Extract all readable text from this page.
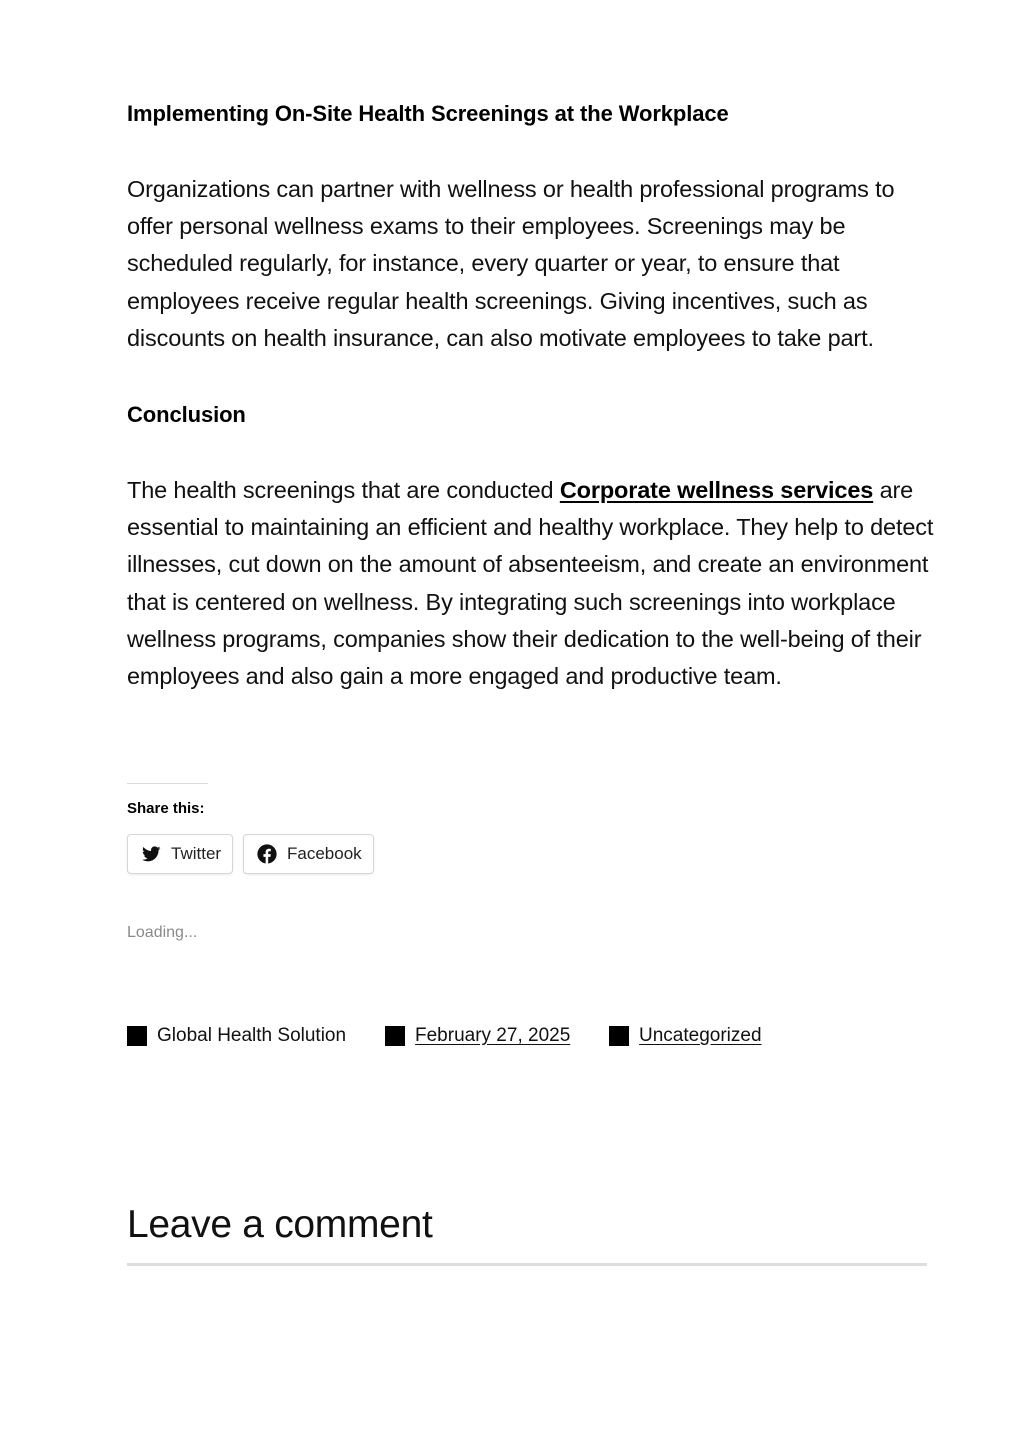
Implementing On-Site Health Screenings at the Workplace

Organizations can partner with wellness or health professional programs to offer personal wellness exams to their employees. Screenings may be scheduled regularly, for instance, every quarter or year, to ensure that employees receive regular health screenings. Giving incentives, such as discounts on health insurance, can also motivate employees to take part.

Conclusion

The health screenings that are conducted Corporate wellness services are essential to maintaining an efficient and healthy workplace. They help to detect illnesses, cut down on the amount of absenteeism, and create an environment that is centered on wellness. By integrating such screenings into workplace wellness programs, companies show their dedication to the well-being of their employees and also gain a more engaged and productive team.

Share this:
Twitter	Facebook
Loading...
Global Health Solution	February 27, 2025	Uncategorized
Leave a comment
